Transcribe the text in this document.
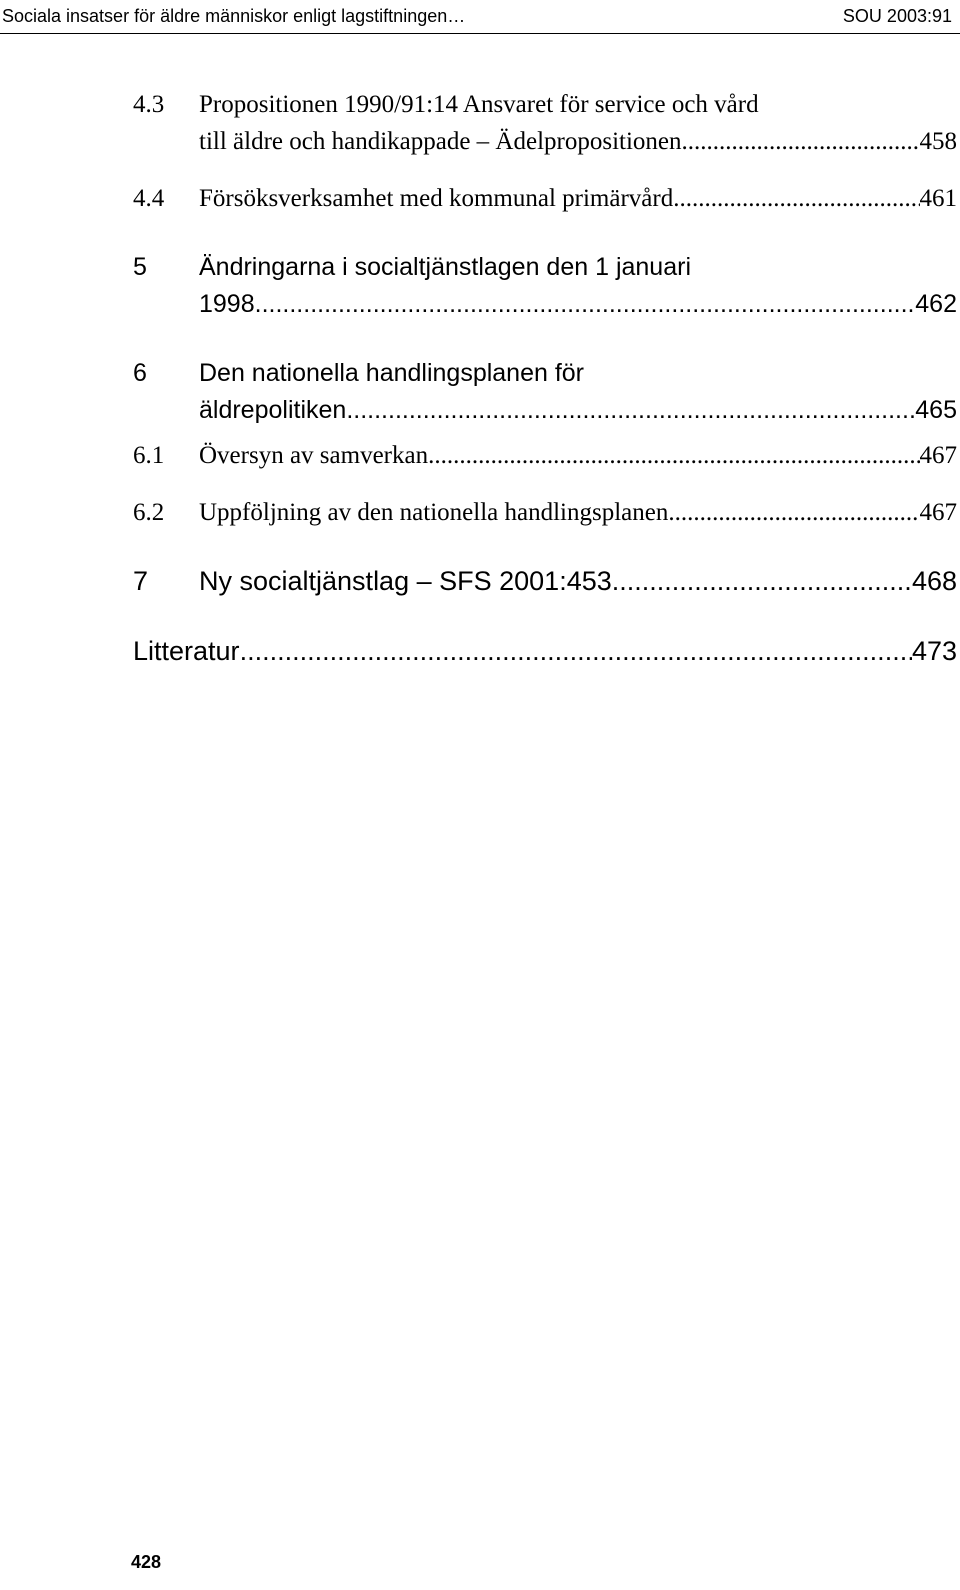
Sociala insatser för äldre människor enligt lagstiftningen…	SOU 2003:91
4.3 Propositionen 1990/91:14 Ansvaret för service och vård
till äldre och handikappade – Ädelpropositionen .....	458
4.4 Försöksverksamhet med kommunal primärvård .....	461
5 Ändringarna i socialtjänstlagen den 1 januari
1998 .....	462
6 Den nationella handlingsplanen för
äldrepolitiken .....	465
6.1 Översyn av samverkan .....	467
6.2 Uppföljning av den nationella handlingsplanen .....	467
7 Ny socialtjänstlag – SFS 2001:453 .....	468
Litteratur .....	473
428
